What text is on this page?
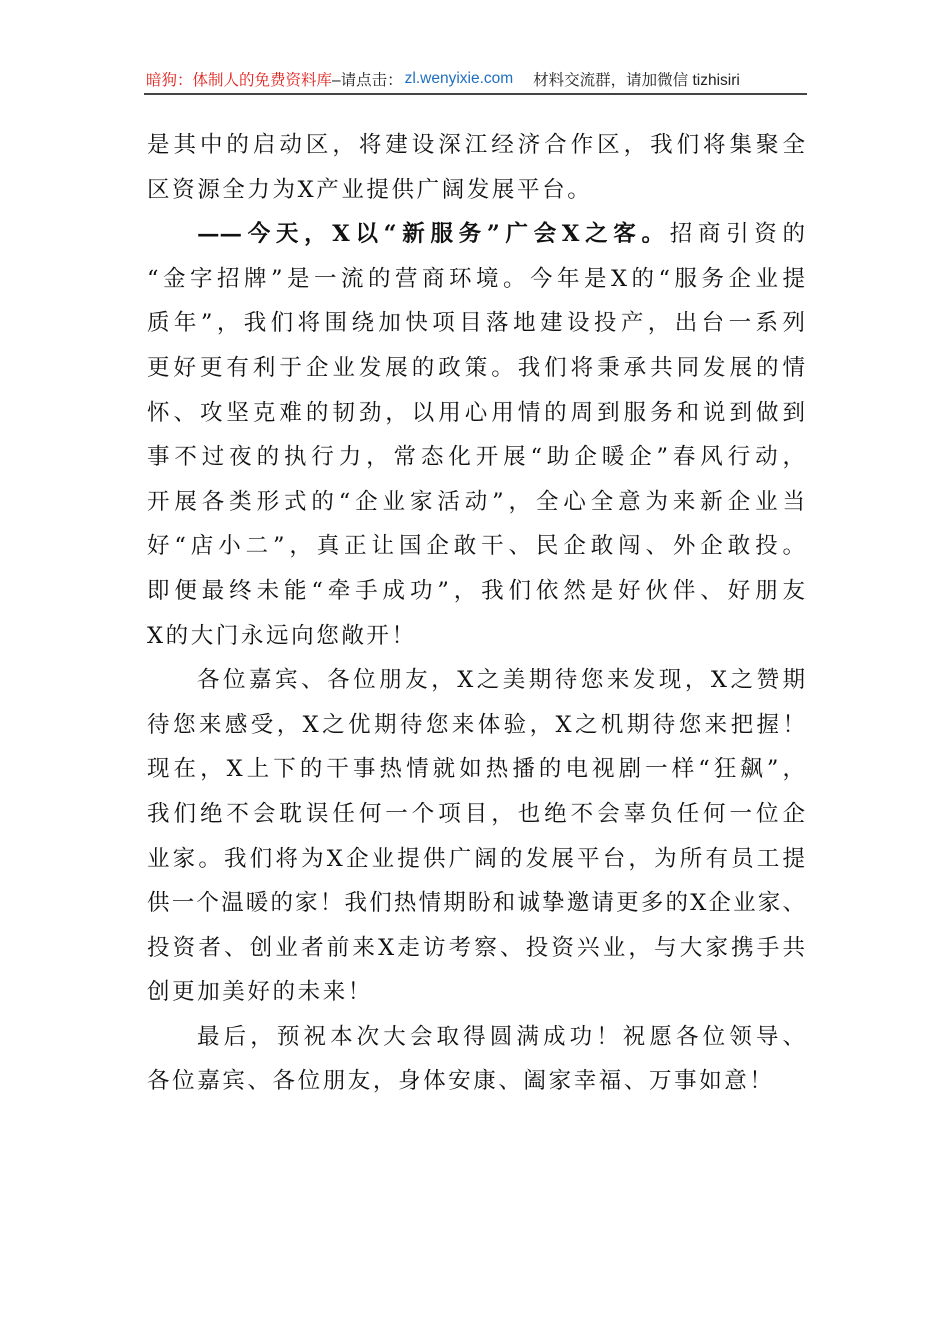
暗狗：体制人的免费资料库 –请点击： zl.wenyixie.com 材料交流群，请加微信 tizhisiri
是其中的启动区，将建设深江经济合作区，我们将集聚全
区资源全力为X产业提供广阔发展平台。
——今天，X以“新服务”广会X之客。招商引资的
“金字招牌”是一流的营商环境。今年是X的“服务企业提
质年”，我们将围绕加快项目落地建设投产，出台一系列
更好更有利于企业发展的政策。我们将秉承共同发展的情
怀、攻坚克难的韧劲，以用心用情的周到服务和说到做到
事不过夜的执行力，常态化开展“助企暖企”春风行动，
开展各类形式的“企业家活动”，全心全意为来新企业当
好“店小二”，真正让国企敢干、民企敢闯、外企敢投。
即便最终未能“牵手成功”，我们依然是好伙伴、好朋友
X的大门永远向您敞开！
各位嘉宾、各位朋友，X之美期待您来发现，X之赞期
待您来感受，X之优期待您来体验，X之机期待您来把握！
现在，X上下的干事热情就如热播的电视剧一样“狂飙”，
我们绝不会耽误任何一个项目，也绝不会辜负任何一位企
业家。我们将为X企业提供广阔的发展平台，为所有员工提
供一个温暖的家！我们热情期盼和诚挚邀请更多的X企业家、
投资者、创业者前来X走访考察、投资兴业，与大家携手共
创更加美好的未来！
最后，预祝本次大会取得圆满成功！祝愿各位领导、
各位嘉宾、各位朋友，身体安康、阖家幸福、万事如意！
